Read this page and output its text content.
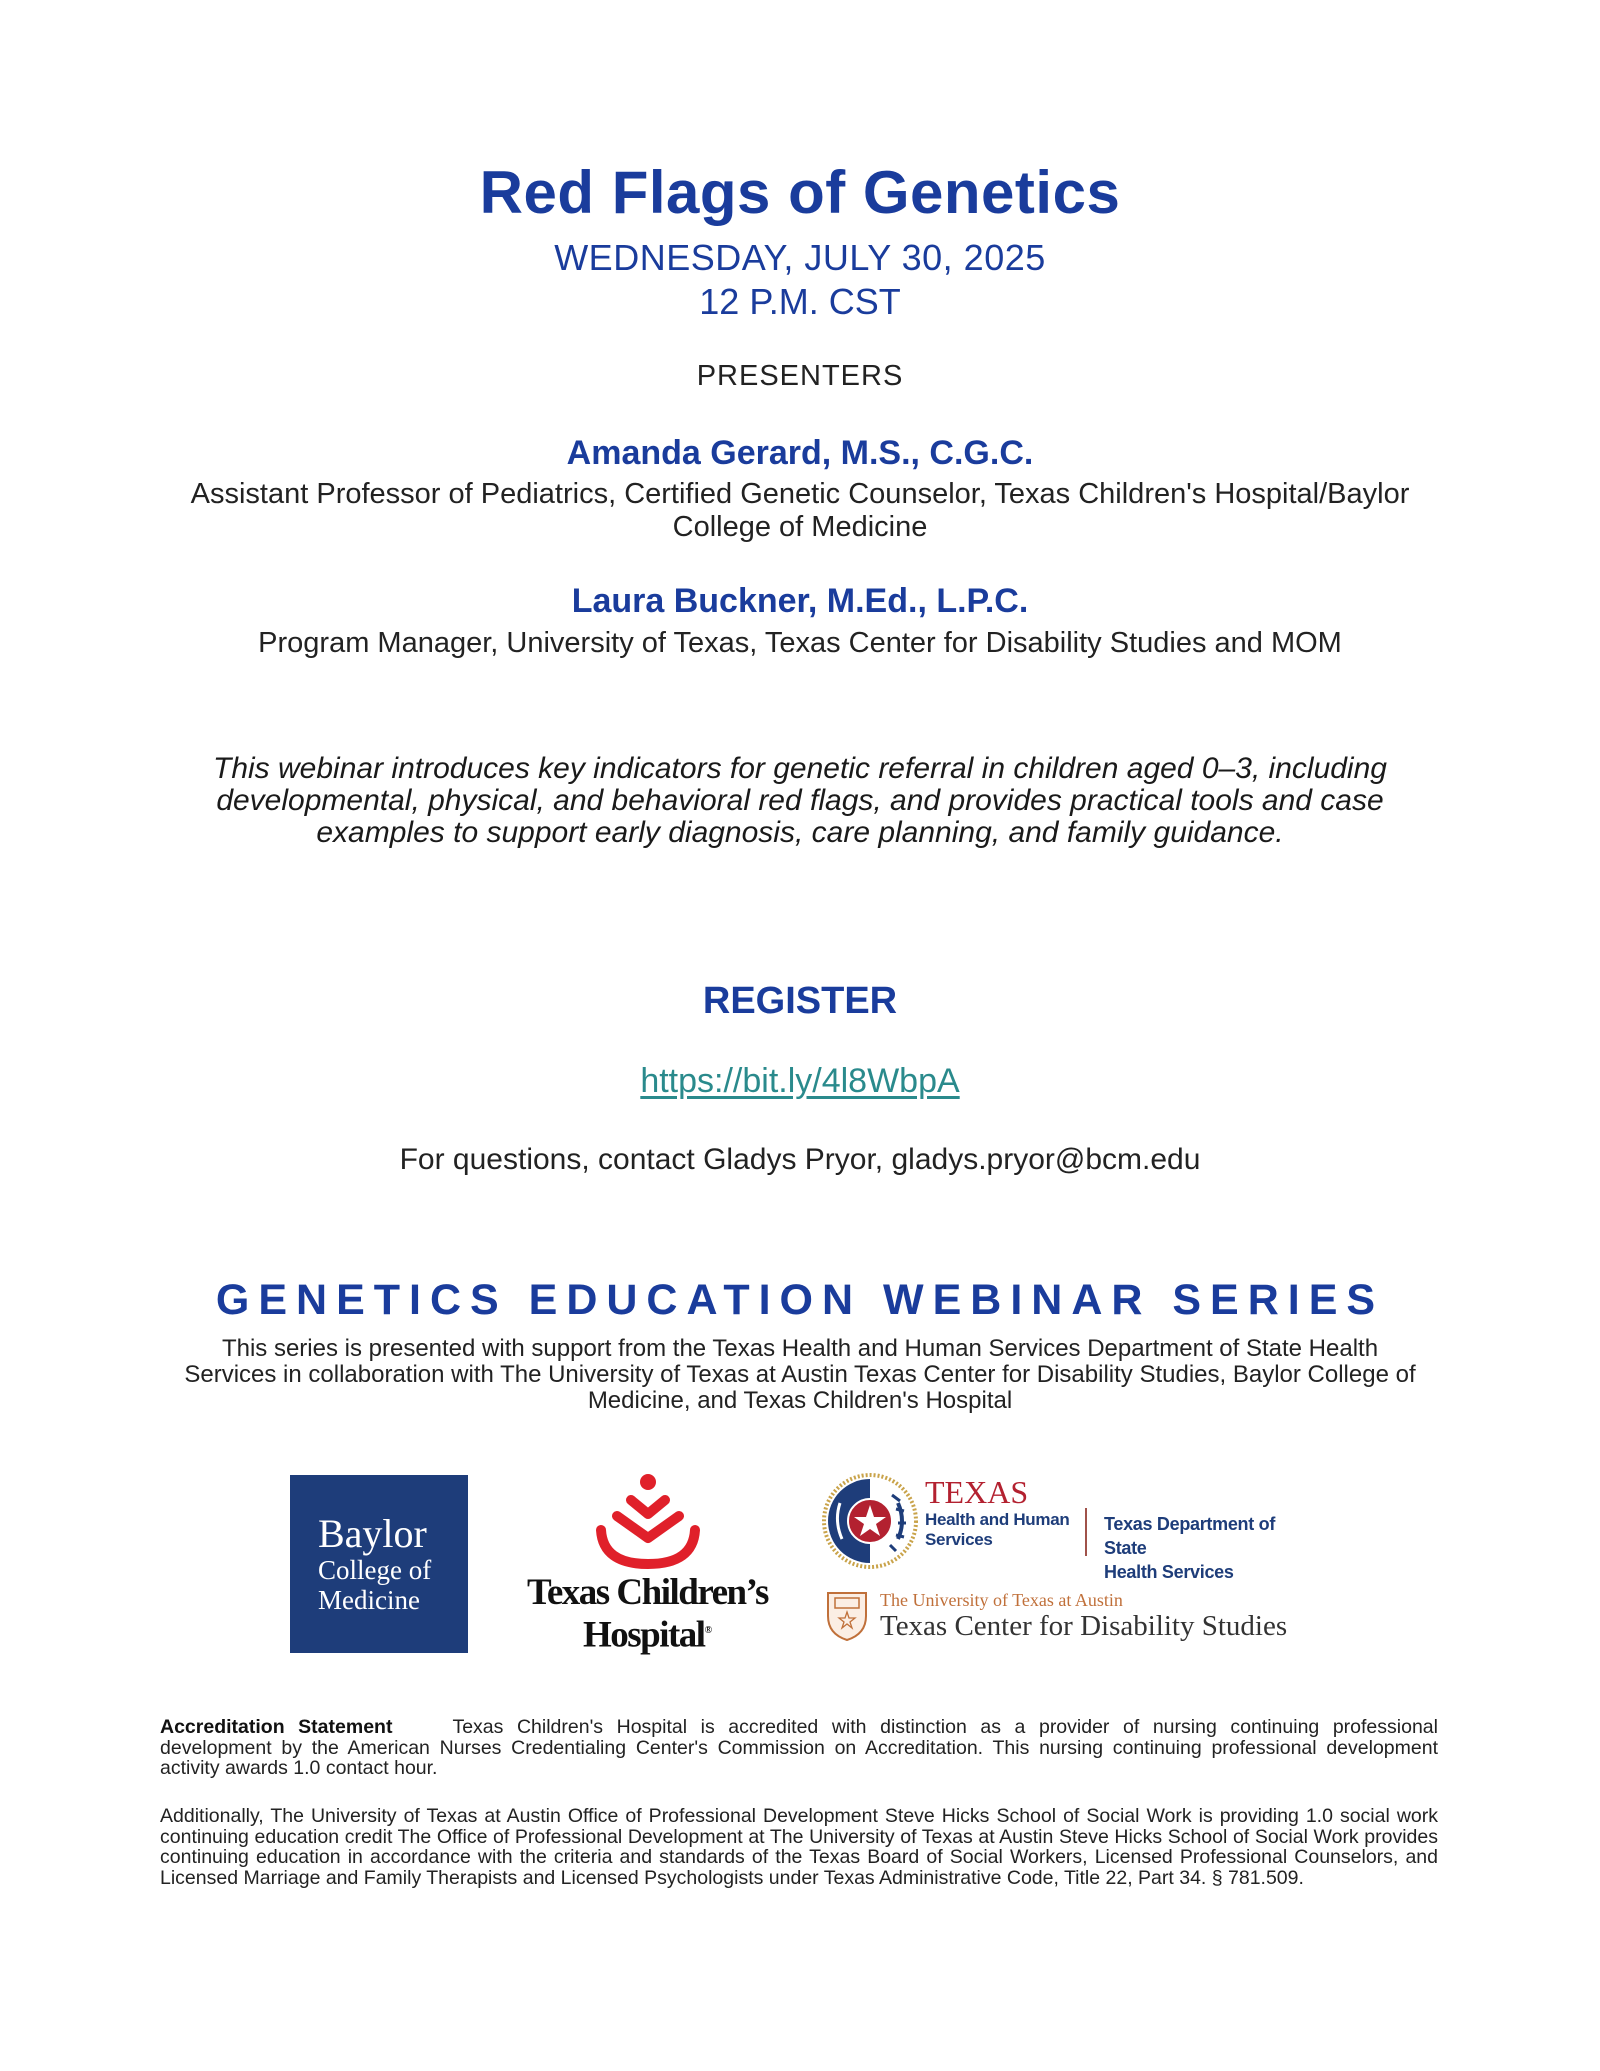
Red Flags of Genetics
WEDNESDAY, JULY 30, 2025
12 P.M. CST
PRESENTERS
Amanda Gerard, M.S., C.G.C.
Assistant Professor of Pediatrics, Certified Genetic Counselor, Texas Children's Hospital/Baylor College of Medicine
Laura Buckner, M.Ed., L.P.C.
Program Manager, University of Texas, Texas Center for Disability Studies and MOM
This webinar introduces key indicators for genetic referral in children aged 0–3, including developmental, physical, and behavioral red flags, and provides practical tools and case examples to support early diagnosis, care planning, and family guidance.
REGISTER
https://bit.ly/4l8WbpA
For questions, contact Gladys Pryor, gladys.pryor@bcm.edu
GENETICS EDUCATION WEBINAR SERIES
This series is presented with support from the Texas Health and Human Services Department of State Health Services in collaboration with The University of Texas at Austin Texas Center for Disability Studies, Baylor College of Medicine, and Texas Children's Hospital
Baylor
College of
Medicine	Texas Children’s
Hospital®
TEXAS
Health and Human
Services
Texas Department of State
Health Services
The University of Texas at Austin
Texas Center for Disability Studies
Accreditation Statement	Texas Children's Hospital is accredited with distinction as a provider of nursing continuing professional development by the American Nurses Credentialing Center's Commission on Accreditation. This nursing continuing professional development activity awards 1.0 contact hour.
Additionally, The University of Texas at Austin Office of Professional Development Steve Hicks School of Social Work is providing 1.0 social work continuing education credit The Office of Professional Development at The University of Texas at Austin Steve Hicks School of Social Work provides continuing education in accordance with the criteria and standards of the Texas Board of Social Workers, Licensed Professional Counselors, and Licensed Marriage and Family Therapists and Licensed Psychologists under Texas Administrative Code, Title 22, Part 34. § 781.509.
